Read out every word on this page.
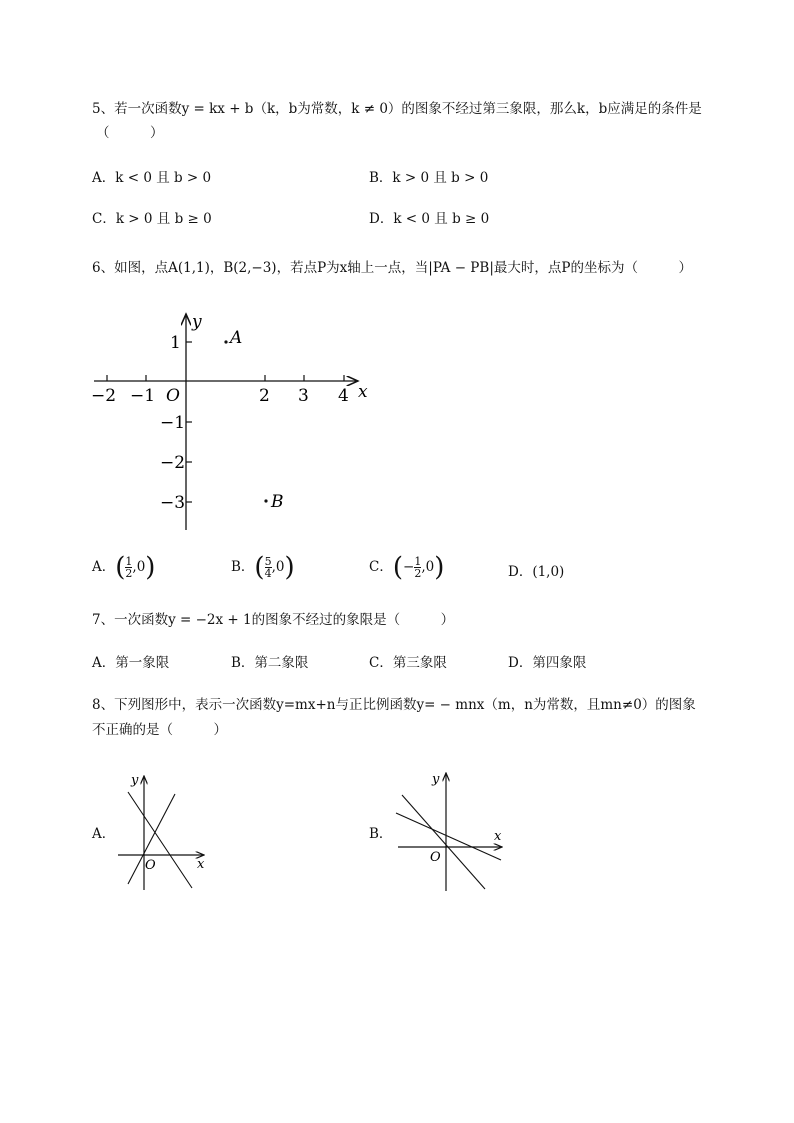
5、若一次函数y = kx + b（k，b为常数，k ≠ 0）的图象不经过第三象限，那么k，b应满足的条件是
（　　　）
A．k < 0 且 b > 0	B．k > 0 且 b > 0
C．k > 0 且 b ≥ 0	D．k < 0 且 b ≥ 0
6、如图，点A(1,1)，B(2,−3)，若点P为x轴上一点，当|PA − PB|最大时，点P的坐标为（　　　）
y
x
O
−2 −1	2 3 4
1
−1
−2
−3
A
B
A．( $\frac{1}{2} ,0$)	B．( $\frac{5}{4} ,0$)	C．(− $\frac{1}{2} ,0$)	D．(1,0)
7、一次函数y = −2x + 1的图象不经过的象限是（　　　）
A．第一象限	B．第二象限	C．第三象限	D．第四象限
8、下列图形中，表示一次函数y=mx+n与正比例函数y= − mnx（m，n为常数，且mn≠0）的图象
不正确的是（　　　）
A．
y
x
O
B．
y
x
O
